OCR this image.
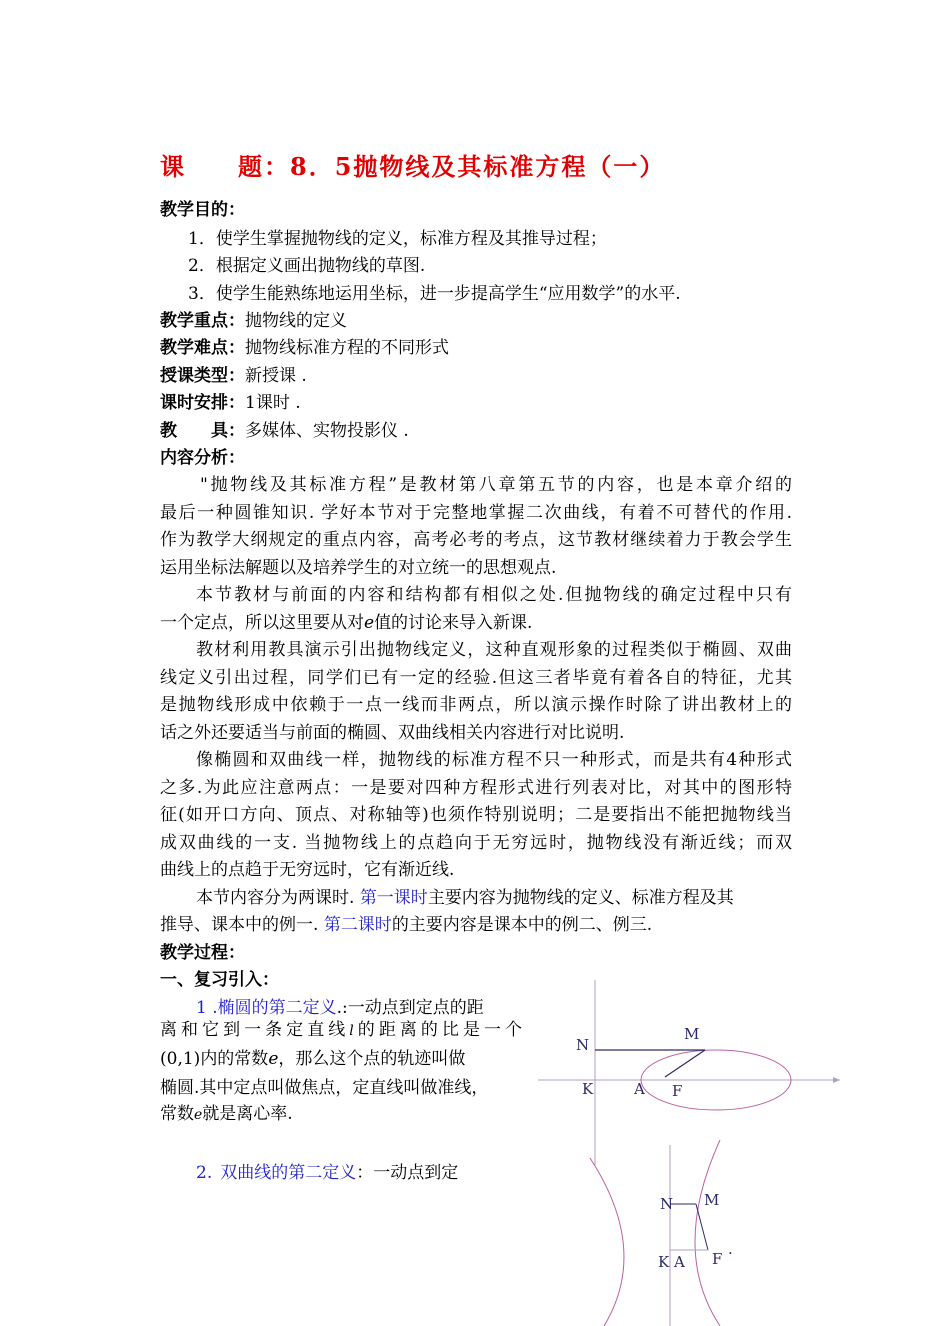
课　　题：8．5抛物线及其标准方程（一）
教学目的：
1．使学生掌握抛物线的定义，标准方程及其推导过程；
2．根据定义画出抛物线的草图.
3．使学生能熟练地运用坐标，进一步提高学生“应用数学”的水平.
教学重点：抛物线的定义
教学难点：抛物线标准方程的不同形式
授课类型：新授课 .
课时安排：1课时 .
教　　具：多媒体、实物投影仪 .
内容分析：
"抛物线及其标准方程”是教材第八章第五节的内容，也是本章介绍的
最后一种圆锥知识. 学好本节对于完整地掌握二次曲线，有着不可替代的作用.
作为教学大纲规定的重点内容，高考必考的考点，这节教材继续着力于教会学生
运用坐标法解题以及培养学生的对立统一的思想观点.
本节教材与前面的内容和结构都有相似之处.但抛物线的确定过程中只有
一个定点，所以这里要从对e值的讨论来导入新课.
教材利用教具演示引出抛物线定义，这种直观形象的过程类似于椭圆、双曲
线定义引出过程，同学们已有一定的经验.但这三者毕竟有着各自的特征，尤其
是抛物线形成中依赖于一点一线而非两点，所以演示操作时除了讲出教材上的
话之外还要适当与前面的椭圆、双曲线相关内容进行对比说明.
像椭圆和双曲线一样，抛物线的标准方程不只一种形式，而是共有4种形式
之多.为此应注意两点：一是要对四种方程形式进行列表对比，对其中的图形特
征(如开口方向、顶点、对称轴等)也须作特别说明；二是要指出不能把抛物线当
成双曲线的一支. 当抛物线上的点趋向于无穷远时，抛物线没有渐近线；而双
曲线上的点趋于无穷远时，它有渐近线.
本节内容分为两课时. 第一课时主要内容为抛物线的定义、标准方程及其
推导、课本中的例一. 第二课时的主要内容是课本中的例二、例三.
教学过程：
一、复习引入：
1 .椭圆的第二定义.:一动点到定点的距
离和它到一条定直线l的距离的比是一个
(0,1)内的常数e，那么这个点的轨迹叫做
椭圆.其中定点叫做焦点，定直线叫做准线，
常数e就是离心率.
2. 双曲线的第二定义：一动点到定
N
M
K	A F
N M
K A F ·
